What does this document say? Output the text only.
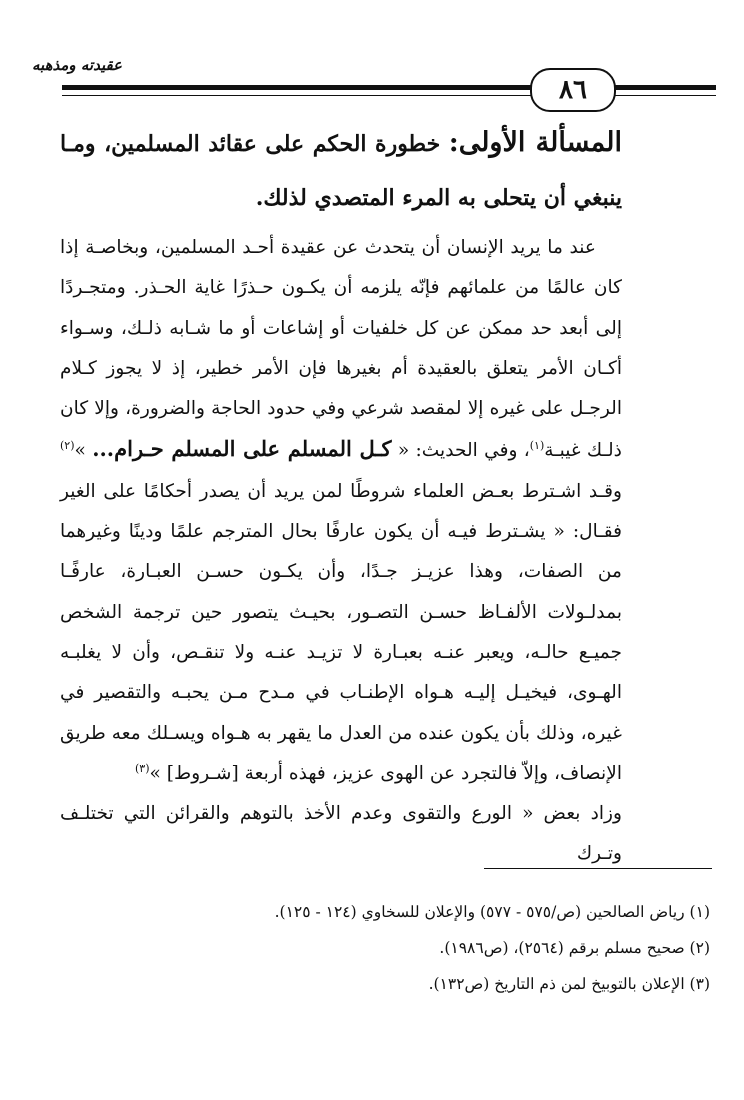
عقيدته ومذهبه
٨٦
المسألة الأولى: خطورة الحكم على عقائد المسلمين، ومـا ينبغي أن يتحلى به المرء المتصدي لذلك.

عند ما يريد الإنسان أن يتحدث عن عقيدة أحـد المسلمين، وبخاصـة إذا كان عالمًا من علمائهم فإنّه يلزمه أن يكـون حـذرًا غاية الحـذر. ومتجـردًا إلى أبعد حد ممكن عن كل خلفيات أو إشاعات أو ما شـابه ذلـك، وسـواء أكـان الأمر يتعلق بالعقيدة أم بغيرها فإن الأمر خطير، إذ لا يجوز كـلام الرجـل على غيره إلا لمقصد شرعي وفي حدود الحاجة والضرورة، وإلا كان ذلـك غيبـة$^{(١)}$، وفي الحديث: « كـل المسلم على المسلم حـرام... »$^{(٢)}$ وقـد اشـترط بعـض العلماء شروطًا لمن يريد أن يصدر أحكامًا على الغير فقـال: « يشـترط فيـه أن يكون عارفًا بحال المترجم علمًا ودينًا وغيرهما من الصفات، وهذا عزيـز جـدًا، وأن يكـون حسـن العبـارة، عارفًـا بمدلـولات الألفـاظ حسـن التصـور، بحيـث يتصور حين ترجمة الشخص جميـع حالـه، ويعبر عنـه بعبـارة لا تزيـد عنـه ولا تنقـص، وأن لا يغلبـه الهـوى، فيخيـل إليـه هـواه الإطنـاب في مـدح مـن يحبـه والتقصير في غيره، وذلك بأن يكون عنده من العدل ما يقهر به هـواه ويسـلك معه طريق الإنصاف، وإلاّ فالتجرد عن الهوى عزيز، فهذه أربعة [شـروط] »$^{(٣)}$

وزاد بعض « الورع والتقوى وعدم الأخذ بالتوهم والقرائن التي تختلـف وتـرك

(١) رياض الصالحين (ص/٥٧٥ - ٥٧٧) والإعلان للسخاوي (١٢٤ - ١٢٥).
(٢) صحيح مسلم برقم (٢٥٦٤)، (ص١٩٨٦).
(٣) الإعلان بالتوبيخ لمن ذم التاريخ (ص١٣٢).
